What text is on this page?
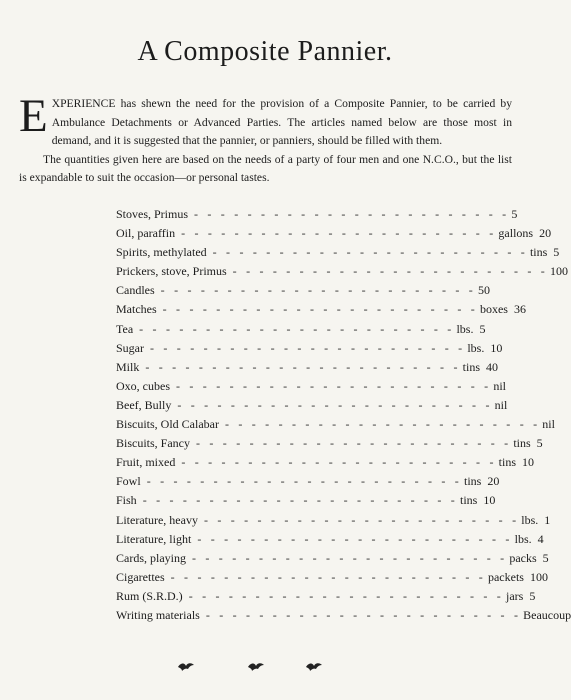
A Composite Pannier.

EXPERIENCE has shewn the need for the provision of a Composite Pannier, to be carried by Ambulance Detachments or Advanced Parties. The articles named below are those most in demand, and it is suggested that the pannier, or panniers, should be filled with them.

The quantities given here are based on the needs of a party of four men and one N.C.O., but the list is expandable to suit the occasion—or personal tastes.

Stoves, Primus - - - - - - - - - - - - - - - - - - - - - - - - 5
Oil, paraffin - - - - - - - - - - - - - - - - - - - - - - - - gallons  20
Spirits, methylated - - - - - - - - - - - - - - - - - - - - - - - - tins  5
Prickers, stove, Primus - - - - - - - - - - - - - - - - - - - - - - - - 100
Candles - - - - - - - - - - - - - - - - - - - - - - - - 50
Matches - - - - - - - - - - - - - - - - - - - - - - - - boxes  36
Tea - - - - - - - - - - - - - - - - - - - - - - - - lbs.  5
Sugar - - - - - - - - - - - - - - - - - - - - - - - - lbs.  10
Milk - - - - - - - - - - - - - - - - - - - - - - - - tins  40
Oxo, cubes - - - - - - - - - - - - - - - - - - - - - - - - nil
Beef, Bully - - - - - - - - - - - - - - - - - - - - - - - - nil
Biscuits, Old Calabar - - - - - - - - - - - - - - - - - - - - - - - - nil
Biscuits, Fancy - - - - - - - - - - - - - - - - - - - - - - - - tins  5
Fruit, mixed - - - - - - - - - - - - - - - - - - - - - - - - tins  10
Fowl - - - - - - - - - - - - - - - - - - - - - - - - tins  20
Fish - - - - - - - - - - - - - - - - - - - - - - - - tins  10
Literature, heavy - - - - - - - - - - - - - - - - - - - - - - - - lbs.  1
Literature, light - - - - - - - - - - - - - - - - - - - - - - - - lbs.  4
Cards, playing - - - - - - - - - - - - - - - - - - - - - - - - packs  5
Cigarettes - - - - - - - - - - - - - - - - - - - - - - - - packets  100
Rum (S.R.D.) - - - - - - - - - - - - - - - - - - - - - - - - jars  5
Writing materials - - - - - - - - - - - - - - - - - - - - - - - - Beaucoup
